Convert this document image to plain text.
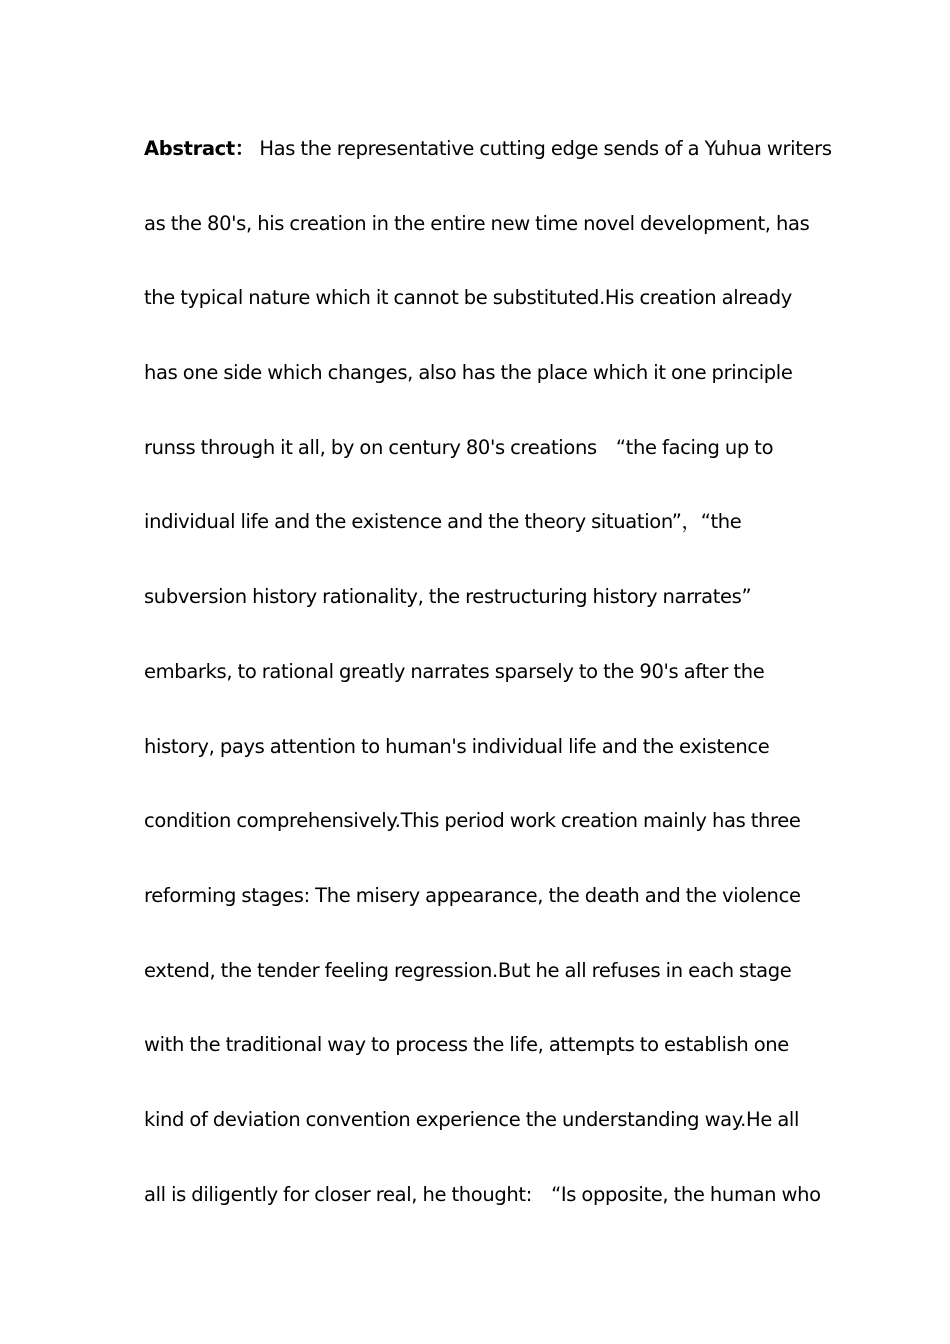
Abstract： Has the representative cutting edge sends of a Yuhua writers
as the 80's, his creation in the entire new time novel development, has
the typical nature which it cannot be substituted.His creation already
has one side which changes, also has the place which it one principle
runss through it all, by on century 80's creations　“the facing up to
individual life and the existence and the theory situation”，“the
subversion history rationality, the restructuring history narrates”
embarks, to rational greatly narrates sparsely to the 90's after the
history, pays attention to human's individual life and the existence
condition comprehensively.This period work creation mainly has three
reforming stages: The misery appearance, the death and the violence
extend, the tender feeling regression.But he all refuses in each stage
with the traditional way to process the life, attempts to establish one
kind of deviation convention experience the understanding way.He all
all is diligently for closer real, he thought:　“Is opposite, the human who
